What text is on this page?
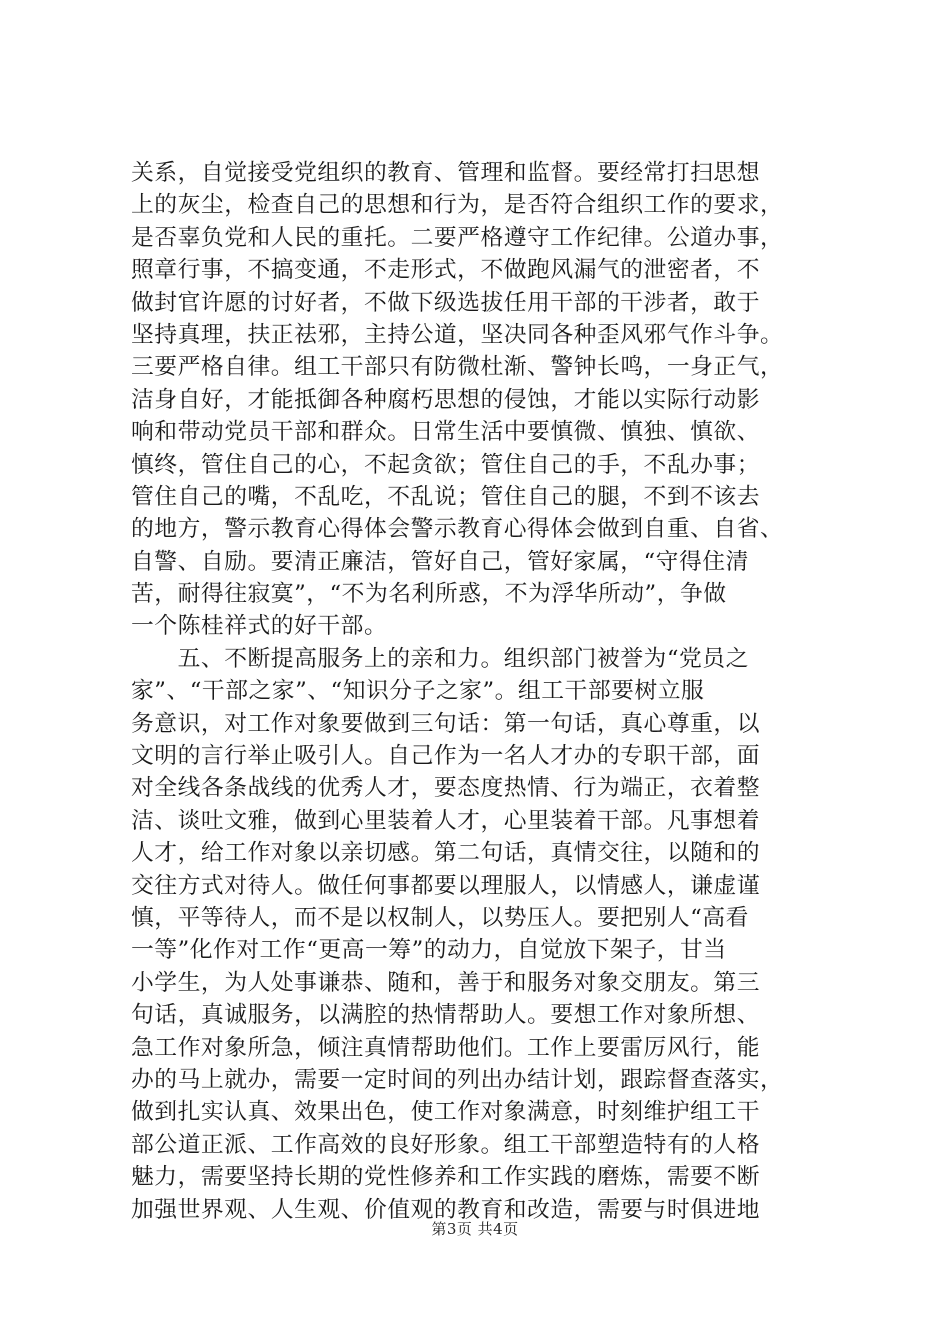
关系，自觉接受党组织的教育、管理和监督。要经常打扫思想
上的灰尘，检查自己的思想和行为，是否符合组织工作的要求，
是否辜负党和人民的重托。二要严格遵守工作纪律。公道办事，
照章行事，不搞变通，不走形式，不做跑风漏气的泄密者，不
做封官许愿的讨好者，不做下级选拔任用干部的干涉者，敢于
坚持真理，扶正祛邪，主持公道，坚决同各种歪风邪气作斗争。
三要严格自律。组工干部只有防微杜渐、警钟长鸣，一身正气，
洁身自好，才能抵御各种腐朽思想的侵蚀，才能以实际行动影
响和带动党员干部和群众。日常生活中要慎微、慎独、慎欲、
慎终，管住自己的心，不起贪欲；管住自己的手，不乱办事；
管住自己的嘴，不乱吃，不乱说；管住自己的腿，不到不该去
的地方，警示教育心得体会警示教育心得体会做到自重、自省、
自警、自励。要清正廉洁，管好自己，管好家属，“守得住清
苦，耐得往寂寞”，“不为名利所惑，不为浮华所动”，争做
一个陈桂祥式的好干部。
　　五、不断提高服务上的亲和力。组织部门被誉为“党员之
家”、“干部之家”、“知识分子之家”。组工干部要树立服
务意识，对工作对象要做到三句话：第一句话，真心尊重，以
文明的言行举止吸引人。自己作为一名人才办的专职干部，面
对全线各条战线的优秀人才，要态度热情、行为端正，衣着整
洁、谈吐文雅，做到心里装着人才，心里装着干部。凡事想着
人才，给工作对象以亲切感。第二句话，真情交往，以随和的
交往方式对待人。做任何事都要以理服人，以情感人，谦虚谨
慎，平等待人，而不是以权制人，以势压人。要把别人“高看
一等”化作对工作“更高一筹”的动力，自觉放下架子，甘当
小学生，为人处事谦恭、随和，善于和服务对象交朋友。第三
句话，真诚服务，以满腔的热情帮助人。要想工作对象所想、
急工作对象所急，倾注真情帮助他们。工作上要雷厉风行，能
办的马上就办，需要一定时间的列出办结计划，跟踪督查落实，
做到扎实认真、效果出色，使工作对象满意，时刻维护组工干
部公道正派、工作高效的良好形象。组工干部塑造特有的人格
魅力，需要坚持长期的党性修养和工作实践的磨炼，需要不断
加强世界观、人生观、价值观的教育和改造，需要与时俱进地
第3页 共4页
